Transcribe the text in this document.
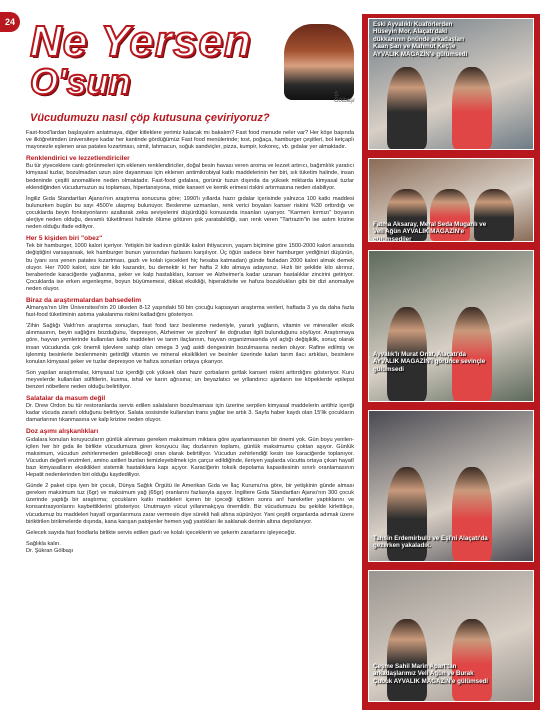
Ne Yersen
O'sun	Ş. Gölbaşı
Vücudumuzu nasıl çöp kutusuna çeviriyoruz?

Fast-food'lardan başlayalım anlatmaya, diğer kitleklere yerimiz kalacak mı bakalım? Fast food menude neler var? Her köşe başında ve ilköğretimden üniversiteye kadar her kantinde gördüğümüz Fast food menülerinde; tost, poğaça, hamburger çeşitleri, bol ketçaplı mayonezle eşlenen aras patates kızartması, simit, lahmacun, soğuk sandviçler, pizza, kumpir, kokoreç, vb. gıdalar yer almaktadır.

Renklendirici ve lezzetlendiriciler

Bu tür yiyeceklere canlı görünmeleri için eklenen renklendiriciler, doğal besin havası veren aroma ve lezzet artırıcı, bağımlılık yaratıcı kimyasal tuzlar, bozulmadan uzun süre dayanması için eklenen antimikrobiyal katkı maddelerinin her biri, sık tüketim halinde, insan bedeninde çeşitli anomalilere neden olmaktadır. Fast-food gıdalara, gorünür tuzun dışında da yüksek miktarda kimyasal tuzlar eklendiğinden vücudumuzun su toplaması, hipertansiyona, mide kanseri ve kemik erimesi riskini artırmasına neden olabiliyor.

İngiliz Gıda Standartları Ajansı'nın araştırma sonucuna göre; 1990'lı yıllarda hazır gıdalar içerisinde yalnızca 100 katkı maddesi bulunurken bugün bu sayı 4500'e ulaşmış bulunuyor. Beslenme uzmanları, renk verici boyaları kanser riskini %30 orttırdığı ve çocuklarda beyin fonksiyonlarını azaltarak zeka seviyelerini düşürdüğü konusunda insanları uyarıyor. "Karmen kırmızı" boyanın alerjiye neden olduğu, devamlı tüketilmesi halinde ölüme götüren şok yaratabildiği, sarı renk veren "Tartrazin"in ise astım krizine neden olduğu ifade ediliyor.

Her 5 kişiden biri "obez"

Tek bir hamburger, 1000 kalori içeriyor. Yetişkin bir kadının günlük kalori ihtiyacının, yaşam biçimine göre 1500-2000 kalori arasında değiştiğini varsayarsak, tek hamburger bunun yarısından fazlasını karşılıyor. Üç öğün sadece birer hamburger yediğinizi düşünün, bu (yanı sıra yenen patates kızartması, gazlı ve kolalı içecekleri hiç hesaba katmadan) günde fazladan 2000 kalori almak demek oluyor. Her 7000 kalori, size bir kilo kazandır, bu demektir ki her hafta 2 kilo almaya adaysınız. Hızlı bir şekilde kilo alırınız, beraberinde karaciğerde yağlanma, şeker ve kalp hastalıkları, kanser ve Alzheimer'a kadar uzanan hastalıklar zincirini getiriyor. Çocuklarda ise erken ergenleşme, boyun büyümemesi, dikkat eksikliği, hiperaktivite ve hafıza bozuklukları gibi bir dizi anomaliye neden oluyor.

Biraz da araştırmalardan bahsedelim

Almanya'nın Ulm Üniversitesi'nin 20 ülkeden 8-12 yaşındaki 50 bin çocuğu kapsayan araştırma verileri, haftada 3 ya da daha fazla fast-food tüketiminin astıma yakalanma riskini katladığını gösteriyor.

'Zihin Sağlığı Vakfı'nın araştırma sonuçları, fast food tarz beslenme nedeniyle, yararlı yağların, vitamin ve mineraller eksik alınmasının, beyin sağlığını bozduğunu, 'depresyon, Alzheimer ve şizofreni' ile doğrudan ilgili bulunduğunu söylüyor. Araştırmaya göre, hayvan yemlerinde kullanılan katkı maddeleri ve tarım ilaçlarının, hayvan organizmasında yol açtığı değişiklik, sonuç olarak insan vücudunda çok önemli işlevlere sahip olan omega 3 yağ asidi dengesinin bozulmasına neden oluyor. Rafine edilmiş ve işlenmiş besinlerle beslenmenin getirdiği vitamin ve mineral eksiklikleri ve besinler üzerinde kalan tarım ilacı artıkları, besinlere konulan kimyasal şeker ve tuzlar depresyon ve hafıza sorunları ortaya çıkarıyor.

Son yapılan araştırmalar, kimyasal tuz içerdiği çok yüksek olan hazır çorbaların gırtlak kanseri riskini arttırdığını gösteriyor. Kuru meyvelerde kullanılan sülfitlerin, kusma, ishal ve karın ağrısına; un beyazlatıcı ve yıllandırıcı ajanların ise köpeklerde epilepsi benzeri nöbetlere neden olduğu belirtiliyor.

Salatalar da masum değil

Dr. Drew Ordon bu tür restoranlarda servis edilen salataların bozulmaması için üzerine serpilen kimyasal maddelerin antifriz içeriği kadar vücuda zararlı olduğunu belirtiyor. Salata sosisinde kullanılan trans yağlar ise artık 3. Sayfa haber kaydı olan 15'lik çocukların damarlarının tıkanmasına ve kalp krizine neden oluyor.

Doz aşımı alışkanlıkları

Gıdalara konulan koruyucuların günlük alınması gereken maksimum miktara göre ayarlanmasının bir önemi yok. Gün boyu yenilen-içilen her bir gıda ile birlikte vücudumuza giren koruyucu ilaç dozlarının toplamı, günlük maksimumu çoktan aşıyor. Günlük maksimum, vücudun zehirlenmeden geleblileceği oran olarak belirtiliyor. Vücudun zehirlendiği kesin ise karaciğerde toplanıyor. Vücudun değerli enzimleri, amino asitleri bunları temizleyebilmek için çarçur edildiğinde, ileriyen yaşlarda vücutta ortaya çıkan hayatî bazı kimyasalların eksiklikleri sistemik hastalıklara kapı açıyor. Karaciğerin toksik depolama kapasitesinin sınırlı oranlamasının Hepatit nedenlerinden biri olduğu kaydediliyor.

Günde 2 paket cips iyen bir çocuk, Dünya Sağlık Örgütü ile Amerikan Gıda ve İlaç Kurumu'na göre, bir yetişkinin günde alması gereken maksimum tuz (6gr) ve maksimum yağ (65gr) oranlarını fazlasıyla aşıyor. İngiltere Gıda Standartları Ajansı'nın 300 çocuk üzerinde yaptığı bir araştırma; çocukların katkı maddeleri içeren bir içeceği içtikten sonra anî hareketler yaptıklarını ve konsantrasyonlarını kaybettiklerini gösteriyor. Unutmayın vücut yıllanmakçıya önemlidir. Biz vücudumuzu bu şekilde kirlettikçe, vücudumuz bu maddeleri hayatî organlarımıza zarar vermesin diye sürekli hali altına süpürüyor. Yani çeşitli organlarda adımak üzere biriktirilen birikmelerde dışında, kana karışan patojenler hemen yağ yastıkları ile saklanak derinin altına depolanıyor.

Gelecek sayıda fast foodlarla birlikte servis edilen gazlı ve kolalı içeceklerin ve şekerin zararlarını işleyeceğiz.

Sağlıkla kalın.
Dr. Şükran Gölbaşı
24	Eski Ayvalıklı Kuaförlerden Hüseyin Mor, Alaçatı'daki dükkanının önünde arkadaşları Kaan Sarı ve Mahmut Keç'le AYVALIK MAGAZİN'e gülümsedi
Fatma Aksaray, Meral Seda Muganlı ve Veli Ağün AYVALIK MAGAZİN'e gülümsediler
Ayvalık'lı Murat Onat, Alaçatı'da AYVALIK MAGAZİN'i görünce sevinçle gülümsedi
Tahsin Erdemirbulu ve Eşi'ni Alaçatı'da gezerken yakaladık.
Çeşme Sahil Marin Apart'tan arkadaşlarımız Veli Ağün ve Burak Çubuk AYVALIK MAGAZİN'e gülümsedi
